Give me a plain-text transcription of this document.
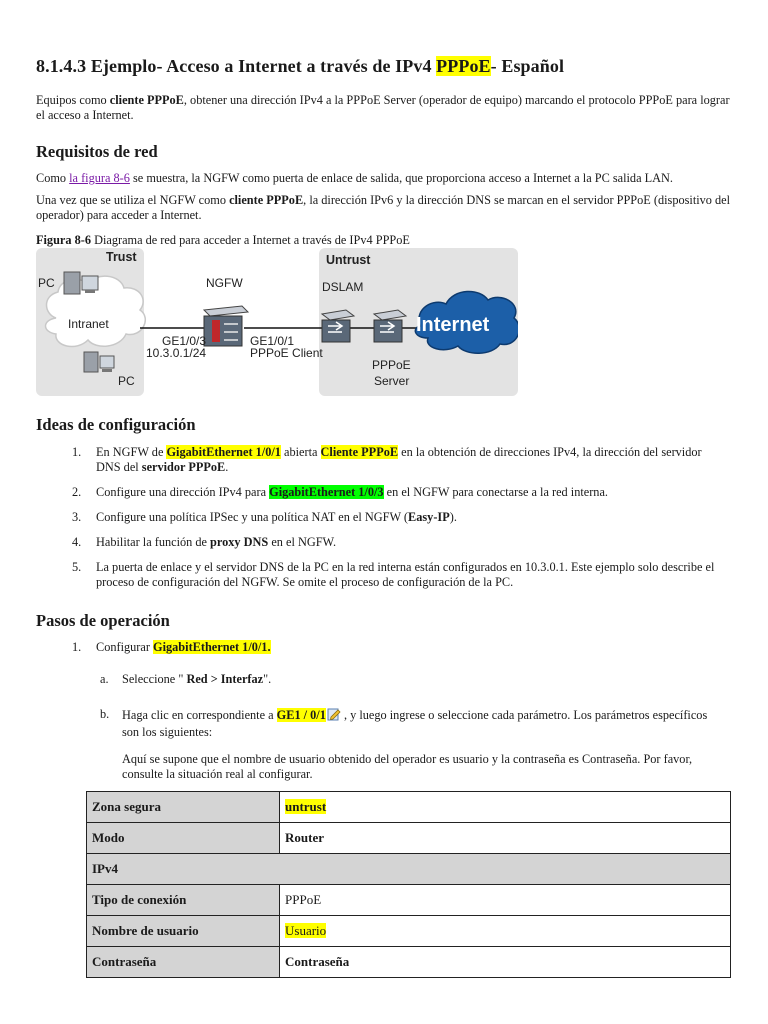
8.1.4.3 Ejemplo- Acceso a Internet a través de IPv4 PPPoE- Español

Equipos como cliente PPPoE, obtener una dirección IPv4 a la PPPoE Server (operador de equipo) marcando el protocolo PPPoE para lograr el acceso a Internet.

Requisitos de red

Como la figura 8-6 se muestra, la NGFW como puerta de enlace de salida, que proporciona acceso a Internet a la PC salida LAN.

Una vez que se utiliza el NGFW como cliente PPPoE, la dirección IPv6 y la dirección DNS se marcan en el servidor PPPoE (dispositivo del operador) para acceder a Internet.

Figura 8-6 Diagrama de red para acceder a Internet a través de IPv4 PPPoE
Trust	Untrust
PC
PC
Intranet
NGFW
GE1/0/3
10.3.0.1/24
GE1/0/1
PPPoE Client
DSLAM
PPPoE
Server
Internet
Ideas de configuración
1. En NGFW de GigabitEthernet 1/0/1 abierta Cliente PPPoE en la obtención de direcciones IPv4, la dirección del servidor DNS del servidor PPPoE.
2. Configure una dirección IPv4 para GigabitEthernet 1/0/3 en el NGFW para conectarse a la red interna.
3. Configure una política IPSec y una política NAT en el NGFW (Easy-IP).
4. Habilitar la función de proxy DNS en el NGFW.
5. La puerta de enlace y el servidor DNS de la PC en la red interna están configurados en 10.3.0.1. Este ejemplo solo describe el proceso de configuración del NGFW. Se omite el proceso de configuración de la PC.
Pasos de operación
1. Configurar GigabitEthernet 1/0/1.
a. Seleccione " Red > Interfaz".
b. Haga clic en correspondiente a GE1 / 0/1 , y luego ingrese o seleccione cada parámetro. Los parámetros específicos son los siguientes:
Aquí se supone que el nombre de usuario obtenido del operador es usuario y la contraseña es Contraseña. Por favor, consulte la situación real al configurar.
Zona segura	untrust
Modo	Router
IPv4	
Tipo de conexión	PPPoE
Nombre de usuario	Usuario
Contraseña	Contraseña
